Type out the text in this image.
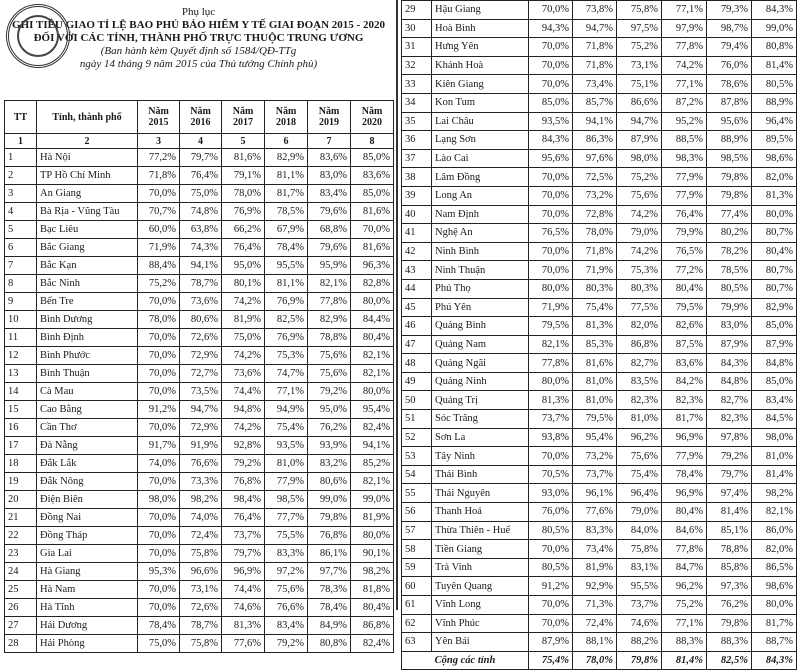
Phụ lục
GHI TIÊU GIAO TỈ LỆ BAO PHỦ BẢO HIỂM Y TẾ GIAI ĐOẠN 2015 - 2020
ĐỐI VỚI CÁC TỈNH, THÀNH PHỐ TRỰC THUỘC TRUNG ƯƠNG
(Ban hành kèm Quyết định số 1584/QĐ-TTg
ngày 14 tháng 9 năm 2015 của Thủ tướng Chính phủ)
TT	Tỉnh, thành phố	Năm 2015	Năm 2016	Năm 2017	Năm 2018	Năm 2019	Năm 2020
1	2	3	4	5	6	7	8
1	Hà Nội	77,2%	79,7%	81,6%	82,9%	83,6%	85,0%
2	TP Hồ Chí Minh	71,8%	76,4%	79,1%	81,1%	83,0%	83,6%
3	An Giang	70,0%	75,0%	78,0%	81,7%	83,4%	85,0%
4	Bà Rịa - Vũng Tàu	70,7%	74,8%	76,9%	78,5%	79,6%	81,6%
5	Bạc Liêu	60,0%	63,8%	66,2%	67,9%	68,8%	70,0%
6	Bắc Giang	71,9%	74,3%	76,4%	78,4%	79,6%	81,6%
7	Bắc Kạn	88,4%	94,1%	95,0%	95,5%	95,9%	96,3%
8	Bắc Ninh	75,2%	78,7%	80,1%	81,1%	82,1%	82,8%
9	Bến Tre	70,0%	73,6%	74,2%	76,9%	77,8%	80,0%
10	Bình Dương	78,0%	80,6%	81,9%	82,5%	82,9%	84,4%
11	Bình Định	70,0%	72,6%	75,0%	76,9%	78,8%	80,4%
12	Bình Phước	70,0%	72,9%	74,2%	75,3%	75,6%	82,1%
13	Bình Thuận	70,0%	72,7%	73,6%	74,7%	75,6%	82,1%
14	Cà Mau	70,0%	73,5%	74,4%	77,1%	79,2%	80,0%
15	Cao Bằng	91,2%	94,7%	94,8%	94,9%	95,0%	95,4%
16	Cần Thơ	70,0%	72,9%	74,2%	75,4%	76,2%	82,4%
17	Đà Nẵng	91,7%	91,9%	92,8%	93,5%	93,9%	94,1%
18	Đắk Lắk	74,0%	76,6%	79,2%	81,0%	83,2%	85,2%
19	Đắk Nông	70,0%	73,3%	76,8%	77,9%	80,6%	82,1%
20	Điện Biên	98,0%	98,2%	98,4%	98,5%	99,0%	99,0%
21	Đồng Nai	70,0%	74,0%	76,4%	77,7%	79,8%	81,9%
22	Đồng Tháp	70,0%	72,4%	73,7%	75,5%	76,8%	80,0%
23	Gia Lai	70,0%	75,8%	79,7%	83,3%	86,1%	90,1%
24	Hà Giang	95,3%	96,6%	96,9%	97,2%	97,7%	98,2%
25	Hà Nam	70,0%	73,1%	74,4%	75,6%	78,3%	81,8%
26	Hà Tĩnh	70,0%	72,6%	74,6%	76,6%	78,4%	80,4%
27	Hải Dương	78,4%	78,7%	81,3%	83,4%	84,9%	86,8%
28	Hải Phòng	75,0%	75,8%	77,6%	79,2%	80,8%	82,4%
29	Hậu Giang	70,0%	73,8%	75,8%	77,1%	79,3%	84,3%
30	Hoà Bình	94,3%	94,7%	97,5%	97,9%	98,7%	99,0%
31	Hưng Yên	70,0%	71,8%	75,2%	77,8%	79,4%	80,8%
32	Khánh Hoà	70,0%	71,8%	73,1%	74,2%	76,0%	81,4%
33	Kiên Giang	70,0%	73,4%	75,1%	77,1%	78,6%	80,5%
34	Kon Tum	85,0%	85,7%	86,6%	87,2%	87,8%	88,9%
35	Lai Châu	93,5%	94,1%	94,7%	95,2%	95,6%	96,4%
36	Lạng Sơn	84,3%	86,3%	87,9%	88,5%	88,9%	89,5%
37	Lào Cai	95,6%	97,6%	98,0%	98,3%	98,5%	98,6%
38	Lâm Đồng	70,0%	72,5%	75,2%	77,9%	79,8%	82,0%
39	Long An	70,0%	73,2%	75,6%	77,9%	79,8%	81,3%
40	Nam Định	70,0%	72,8%	74,2%	76,4%	77,4%	80,0%
41	Nghệ An	76,5%	78,0%	79,0%	79,9%	80,2%	80,7%
42	Ninh Bình	70,0%	71,8%	74,2%	76,5%	78,2%	80,4%
43	Ninh Thuận	70,0%	71,9%	75,3%	77,2%	78,5%	80,7%
44	Phú Thọ	80,0%	80,3%	80,3%	80,4%	80,5%	80,7%
45	Phú Yên	71,9%	75,4%	77,5%	79,5%	79,9%	82,9%
46	Quảng Bình	79,5%	81,3%	82,0%	82,6%	83,0%	85,0%
47	Quảng Nam	82,1%	85,3%	86,8%	87,5%	87,9%	87,9%
48	Quảng Ngãi	77,8%	81,6%	82,7%	83,6%	84,3%	84,8%
49	Quảng Ninh	80,0%	81,0%	83,5%	84,2%	84,8%	85,0%
50	Quảng Trị	81,3%	81,0%	82,3%	82,3%	82,7%	83,4%
51	Sóc Trăng	73,7%	79,5%	81,0%	81,7%	82,3%	84,5%
52	Sơn La	93,8%	95,4%	96,2%	96,9%	97,8%	98,0%
53	Tây Ninh	70,0%	73,2%	75,6%	77,9%	79,2%	81,0%
54	Thái Bình	70,5%	73,7%	75,4%	78,4%	79,7%	81,4%
55	Thái Nguyên	93,0%	96,1%	96,4%	96,9%	97,4%	98,2%
56	Thanh Hoá	76,0%	77,6%	79,0%	80,4%	81,4%	82,1%
57	Thừa Thiên - Huế	80,5%	83,3%	84,0%	84,6%	85,1%	86,0%
58	Tiền Giang	70,0%	73,4%	75,8%	77,8%	78,8%	82,0%
59	Trà Vinh	80,5%	81,9%	83,1%	84,7%	85,8%	86,5%
60	Tuyên Quang	91,2%	92,9%	95,5%	96,2%	97,3%	98,6%
61	Vĩnh Long	70,0%	71,3%	73,7%	75,2%	76,2%	80,0%
62	Vĩnh Phúc	70,0%	72,4%	74,6%	77,1%	79,8%	81,7%
63	Yên Bái	87,9%	88,1%	88,2%	88,3%	88,3%	88,7%
Cộng các tỉnh		75,4%	78,0%	79,8%	81,4%	82,5%	84,3%
